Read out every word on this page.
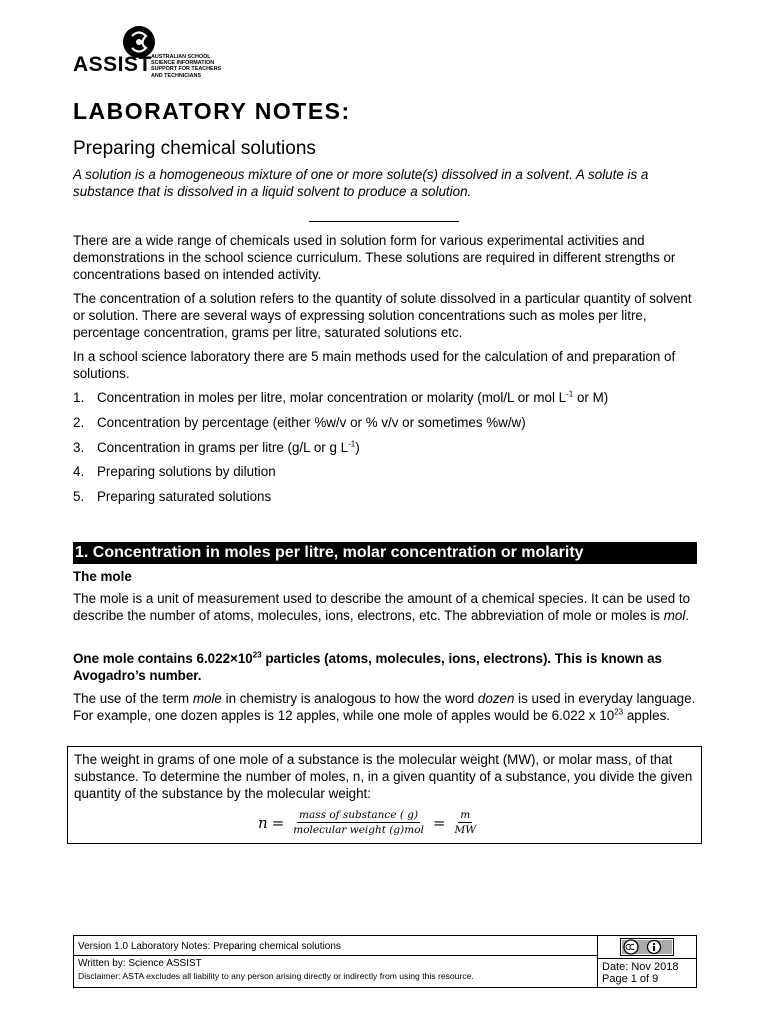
ASSIST AUSTRALIAN SCHOOL SCIENCE INFORMATION SUPPORT FOR TEACHERS AND TECHNICIANS
LABORATORY NOTES:
Preparing chemical solutions
A solution is a homogeneous mixture of one or more solute(s) dissolved in a solvent. A solute is a substance that is dissolved in a liquid solvent to produce a solution.
There are a wide range of chemicals used in solution form for various experimental activities and demonstrations in the school science curriculum. These solutions are required in different strengths or concentrations based on intended activity.
The concentration of a solution refers to the quantity of solute dissolved in a particular quantity of solvent or solution. There are several ways of expressing solution concentrations such as moles per litre, percentage concentration, grams per litre, saturated solutions etc.
In a school science laboratory there are 5 main methods used for the calculation of and preparation of solutions.
1. Concentration in moles per litre, molar concentration or molarity (mol/L or mol $L^{-1}$ or M)
2. Concentration by percentage (either %w/v or % v/v or sometimes %w/w)
3. Concentration in grams per litre (g/L or g $L^{-1}$)
4. Preparing solutions by dilution
5. Preparing saturated solutions
1. Concentration in moles per litre, molar concentration or molarity
The mole
The mole is a unit of measurement used to describe the amount of a chemical species. It can be used to describe the number of atoms, molecules, ions, electrons, etc. The abbreviation of mole or moles is mol.
One mole contains $6.022\times 10^{23}$ particles (atoms, molecules, ions, electrons). This is known as Avogadro’s number.
The use of the term mole in chemistry is analogous to how the word dozen is used in everyday language. For example, one dozen apples is 12 apples, while one mole of apples would be 6.022 x $10^{23}$ apples.
The weight in grams of one mole of a substance is the molecular weight (MW), or molar mass, of that substance. To determine the number of moles, n, in a given quantity of a substance, you divide the given quantity of the substance by the molecular weight:
$n = \frac{\text{mass of substance ( g)}}{\text{molecular weight (g)mol}} = \frac{m}{MW}$
Version 1.0 Laboratory Notes: Preparing chemical solutions
Written by: Science ASSIST
Disclaimer: ASTA excludes all liability to any person arising directly or indirectly from using this resource.
Date: Nov 2018
Page 1 of 9
